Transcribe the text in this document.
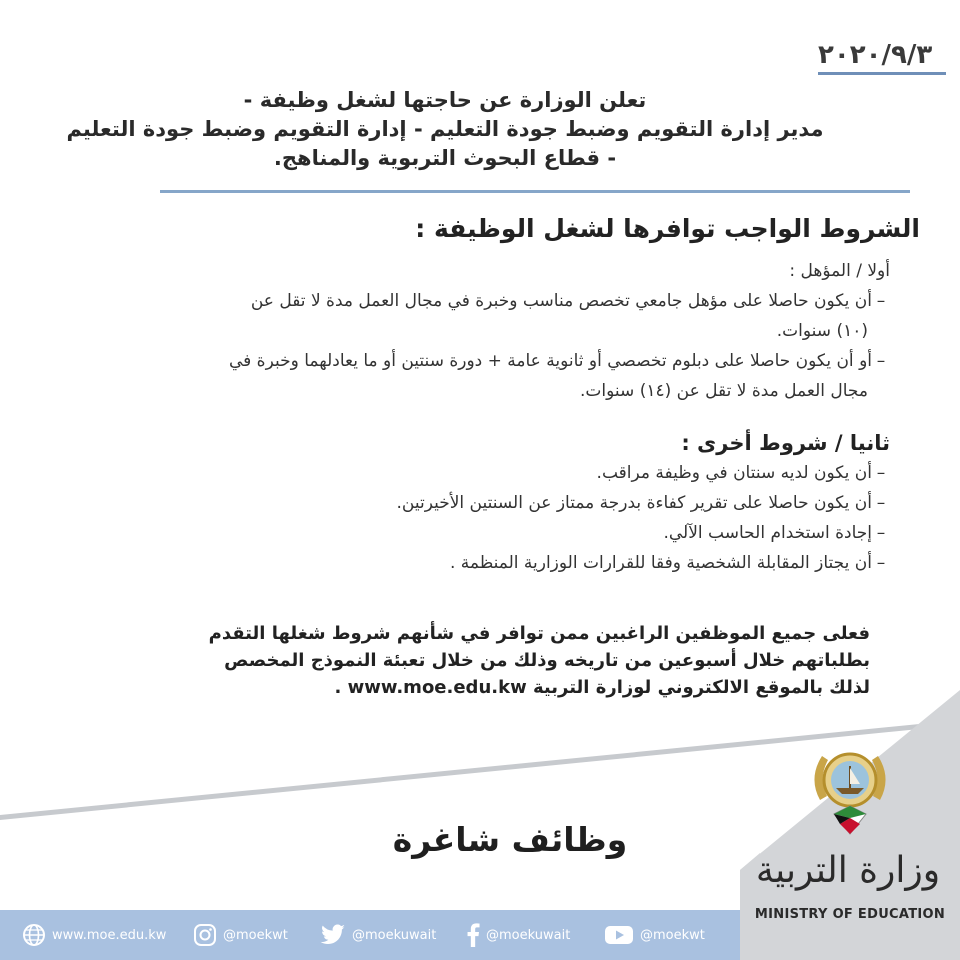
٢٠٢٠/٩/٣
تعلن الوزارة عن حاجتها لشغل وظيفة -
مدير إدارة التقويم وضبط جودة التعليم - إدارة التقويم وضبط جودة التعليم
- قطاع البحوث التربوية والمناهج.
الشروط الواجب توافرها لشغل الوظيفة :
أولا / المؤهل :
–أن يكون حاصلا على مؤهل جامعي تخصص مناسب وخبرة في مجال العمل مدة لا تقل عن
(١٠) سنوات.
–أو أن يكون حاصلا على دبلوم تخصصي أو ثانوية عامة + دورة سنتين أو ما يعادلهما وخبرة في
مجال العمل مدة لا تقل عن (١٤) سنوات.
ثانيا / شروط أخرى :
–أن يكون لديه سنتان في وظيفة مراقب.
–أن يكون حاصلا على تقرير كفاءة بدرجة ممتاز عن السنتين الأخيرتين.
–إجادة استخدام الحاسب الآلي.
–أن يجتاز المقابلة الشخصية وفقا للقرارات الوزارية المنظمة .
فعلى جميع الموظفين الراغبين ممن توافر في شأنهم شروط شغلها التقدم
بطلباتهم خلال أسبوعين من تاريخه وذلك من خلال تعبئة النموذج المخصص
لذلك بالموقع الالكتروني لوزارة التربية www.moe.edu.kw .
وظائف شاغرة
وزارة التربية
MINISTRY OF EDUCATION
www.moe.edu.kw	@moekwt	@moekuwait	@moekuwait	@moekwt
